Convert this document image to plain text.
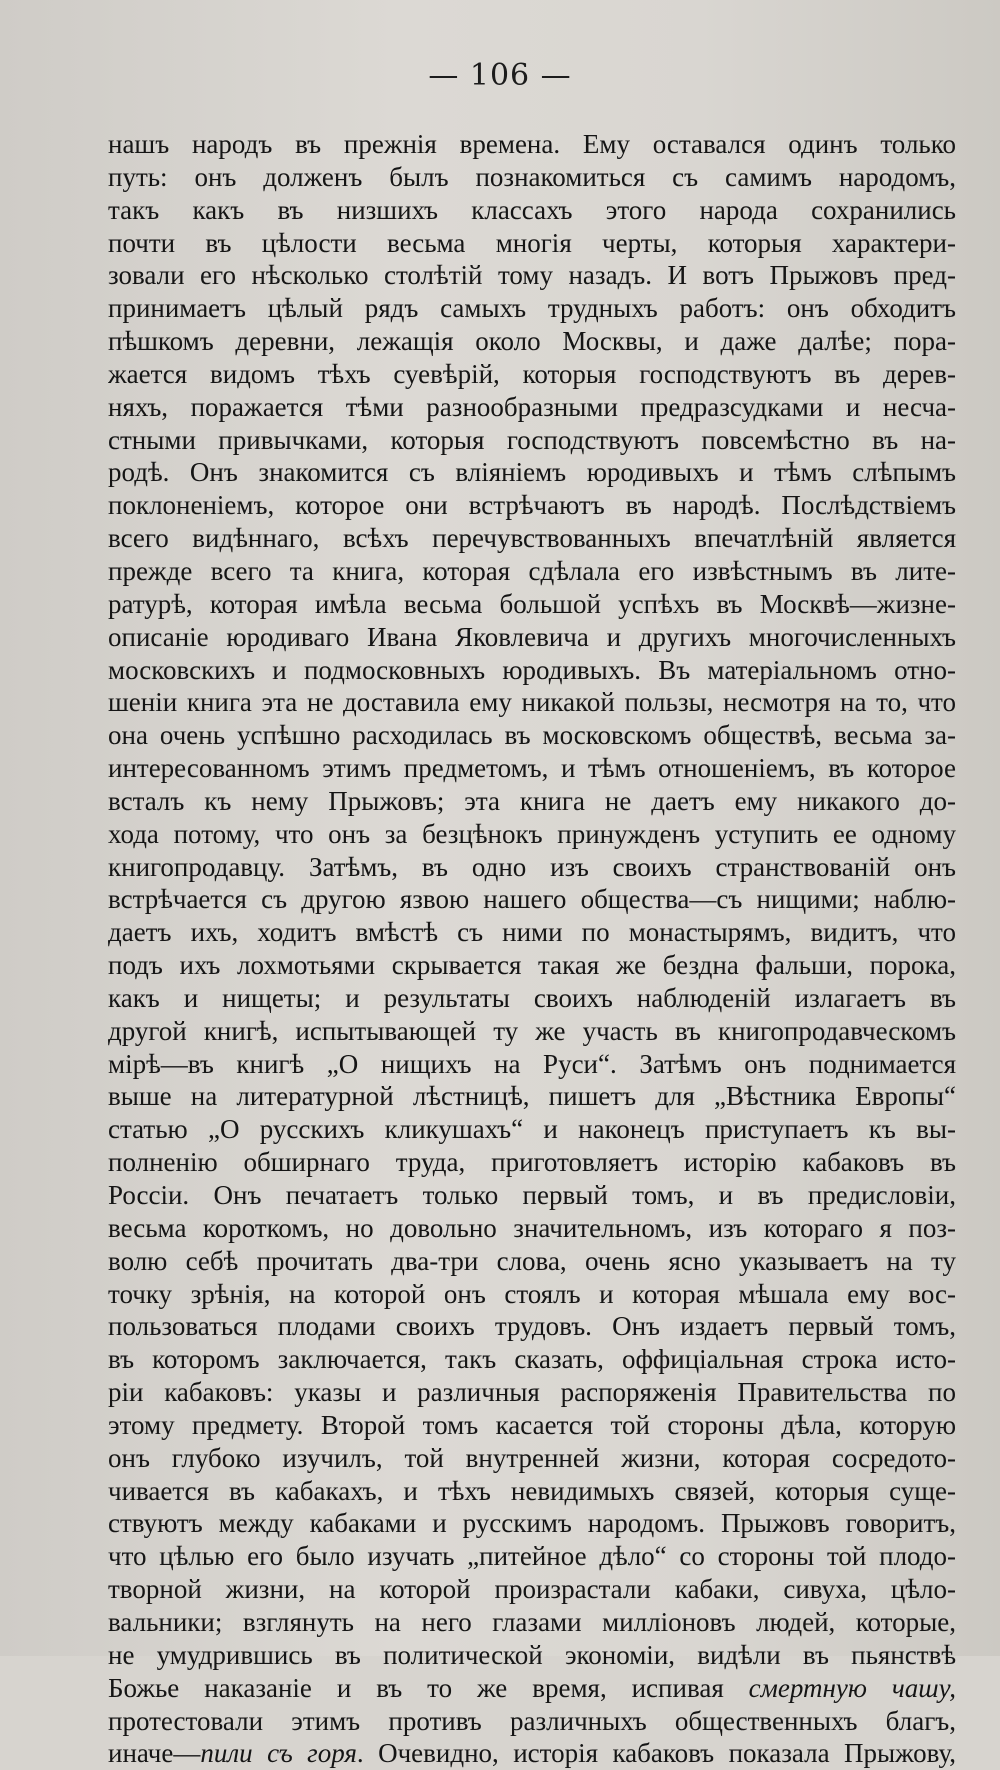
— 106 —
нашъ народъ въ прежнія времена. Ему оставался одинъ только
путь: онъ долженъ былъ познакомиться съ самимъ народомъ,
такъ какъ въ низшихъ классахъ этого народа сохранились
почти въ цѣлости весьма многія черты, которыя характери-
зовали его нѣсколько столѣтій тому назадъ. И вотъ Прыжовъ пред-
принимаетъ цѣлый рядъ самыхъ трудныхъ работъ: онъ обходитъ
пѣшкомъ деревни, лежащія около Москвы, и даже далѣе; пора-
жается видомъ тѣхъ суевѣрій, которыя господствуютъ въ дерев-
няхъ, поражается тѣми разнообразными предразсудками и несча-
стными привычками, которыя господствуютъ повсемѣстно въ на-
родѣ. Онъ знакомится съ вліяніемъ юродивыхъ и тѣмъ слѣпымъ
поклоненіемъ, которое они встрѣчаютъ въ народѣ. Послѣдствіемъ
всего видѣннаго, всѣхъ перечувствованныхъ впечатлѣній является
прежде всего та книга, которая сдѣлала его извѣстнымъ въ лите-
ратурѣ, которая имѣла весьма большой успѣхъ въ Москвѣ—жизне-
описаніе юродиваго Ивана Яковлевича и другихъ многочисленныхъ
московскихъ и подмосковныхъ юродивыхъ. Въ матеріальномъ отно-
шеніи книга эта не доставила ему никакой пользы, несмотря на то, что
она очень успѣшно расходилась въ московскомъ обществѣ, весьма за-
интересованномъ этимъ предметомъ, и тѣмъ отношеніемъ, въ которое
всталъ къ нему Прыжовъ; эта книга не даетъ ему никакого до-
хода потому, что онъ за безцѣнокъ принужденъ уступить ее одному
книгопродавцу. Затѣмъ, въ одно изъ своихъ странствованій онъ
встрѣчается съ другою язвою нашего общества—съ нищими; наблю-
даетъ ихъ, ходитъ вмѣстѣ съ ними по монастырямъ, видитъ, что
подъ ихъ лохмотьями скрывается такая же бездна фальши, порока,
какъ и нищеты; и результаты своихъ наблюденій излагаетъ въ
другой книгѣ, испытывающей ту же участь въ книгопродавческомъ
мірѣ—въ книгѣ „О нищихъ на Руси“. Затѣмъ онъ поднимается
выше на литературной лѣстницѣ, пишетъ для „Вѣстника Европы“
статью „О русскихъ кликушахъ“ и наконецъ приступаетъ къ вы-
полненію обширнаго труда, приготовляетъ исторію кабаковъ въ
Россіи. Онъ печатаетъ только первый томъ, и въ предисловіи,
весьма короткомъ, но довольно значительномъ, изъ котораго я поз-
волю себѣ прочитать два-три слова, очень ясно указываетъ на ту
точку зрѣнія, на которой онъ стоялъ и которая мѣшала ему вос-
пользоваться плодами своихъ трудовъ. Онъ издаетъ первый томъ,
въ которомъ заключается, такъ сказать, оффиціальная строка исто-
ріи кабаковъ: указы и различныя распоряженія Правительства по
этому предмету. Второй томъ касается той стороны дѣла, которую
онъ глубоко изучилъ, той внутренней жизни, которая сосредото-
чивается въ кабакахъ, и тѣхъ невидимыхъ связей, которыя суще-
ствуютъ между кабаками и русскимъ народомъ. Прыжовъ говоритъ,
что цѣлью его было изучать „питейное дѣло“ со стороны той плодо-
творной жизни, на которой произрастали кабаки, сивуха, цѣло-
вальники; взглянуть на него глазами милліоновъ людей, которые,
не умудрившись въ политической экономіи, видѣли въ пьянствѣ
Божье наказаніе и въ то же время, испивая смертную чашу,
протестовали этимъ противъ различныхъ общественныхъ благъ,
иначе—пили съ горя. Очевидно, исторія кабаковъ показала Прыжову,
